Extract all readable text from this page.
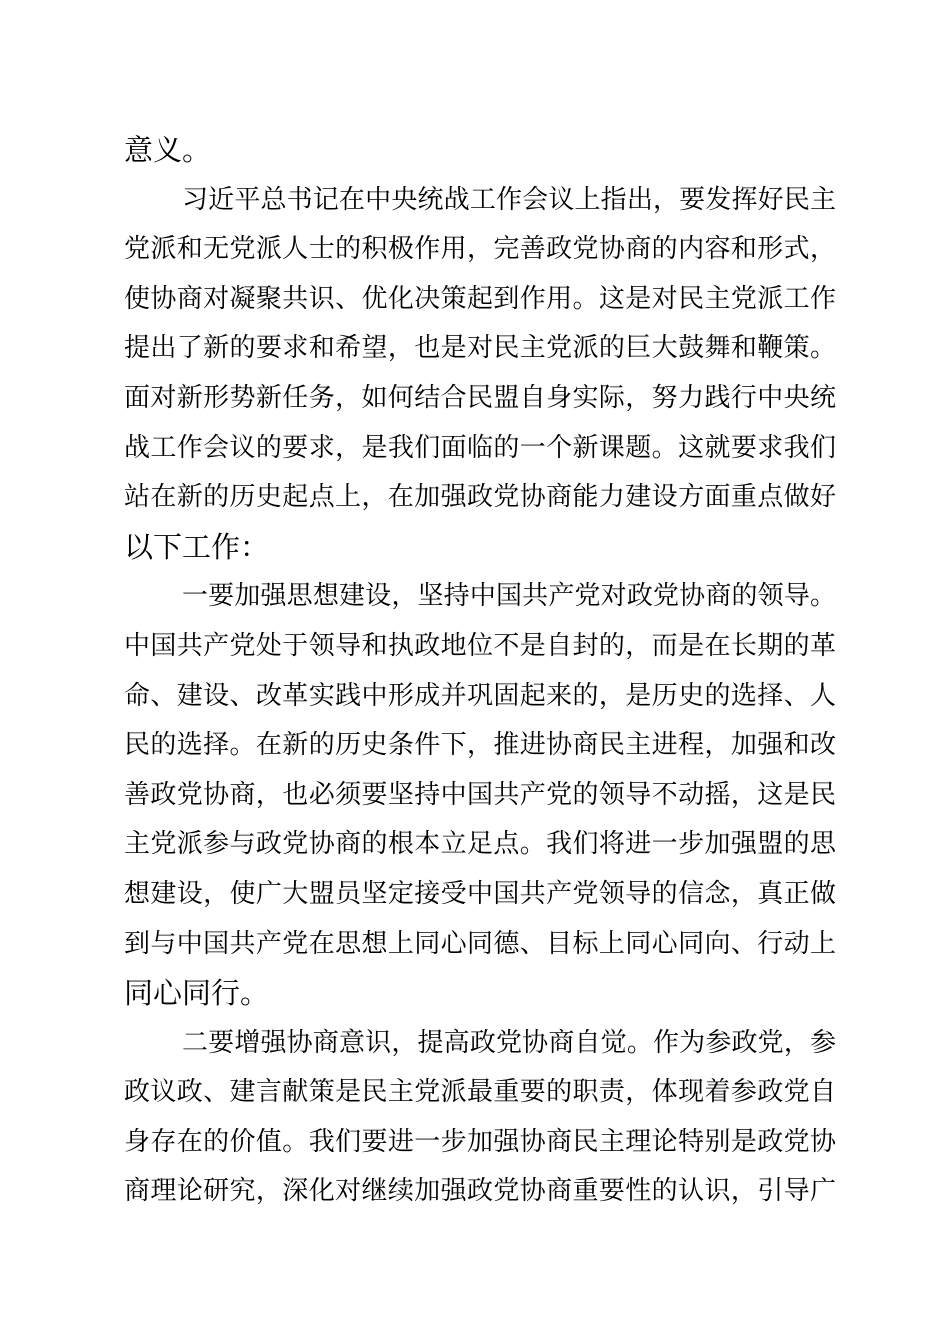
意义。
习近平总书记在中央统战工作会议上指出，要发挥好民主
党派和无党派人士的积极作用，完善政党协商的内容和形式，
使协商对凝聚共识、优化决策起到作用。这是对民主党派工作
提出了新的要求和希望，也是对民主党派的巨大鼓舞和鞭策。
面对新形势新任务，如何结合民盟自身实际，努力践行中央统
战工作会议的要求，是我们面临的一个新课题。这就要求我们
站在新的历史起点上，在加强政党协商能力建设方面重点做好
以下工作：
一要加强思想建设，坚持中国共产党对政党协商的领导。
中国共产党处于领导和执政地位不是自封的，而是在长期的革
命、建设、改革实践中形成并巩固起来的，是历史的选择、人
民的选择。在新的历史条件下，推进协商民主进程，加强和改
善政党协商，也必须要坚持中国共产党的领导不动摇，这是民
主党派参与政党协商的根本立足点。我们将进一步加强盟的思
想建设，使广大盟员坚定接受中国共产党领导的信念，真正做
到与中国共产党在思想上同心同德、目标上同心同向、行动上
同心同行。
二要增强协商意识，提高政党协商自觉。作为参政党，参
政议政、建言献策是民主党派最重要的职责，体现着参政党自
身存在的价值。我们要进一步加强协商民主理论特别是政党协
商理论研究，深化对继续加强政党协商重要性的认识，引导广
